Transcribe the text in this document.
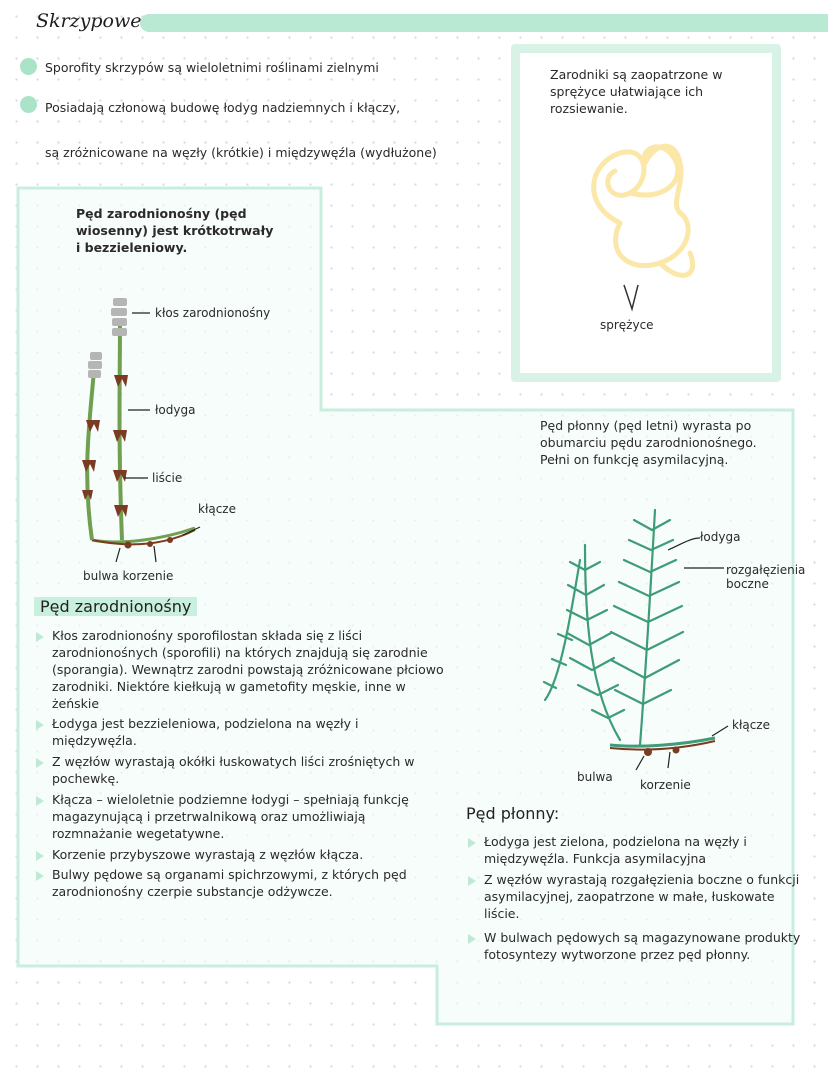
Skrzypowe
Sporofity skrzypów są wieloletnimi roślinami zielnymi
Posiadają członową budowę łodyg nadziemnych i kłączy,
są zróżnicowane na węzły (krótkie) i międzywęźla (wydłużone)
Zarodniki są zaopatrzone w sprężyce ułatwiające ich rozsiewanie.
sprężyce
Pęd zarodnionośny (pęd wiosenny) jest krótkotrwały i bezzieleniowy.
kłos zarodnionośny
łodyga
liście
kłącze
bulwa korzenie
Pęd zarodnionośny
Kłos zarodnionośny sporofilostan składa się z liści zarodnionośnych (sporofili) na których znajdują się zarodnie (sporangia). Wewnątrz zarodni powstają zróżnicowane płciowo zarodniki. Niektóre kiełkują w gametofity męskie, inne w żeńskie
Łodyga jest bezzieleniowa, podzielona na węzły i międzywęźla.
Z węzłów wyrastają okółki łuskowatych liści zrośniętych w pochewkę.
Kłącza – wieloletnie podziemne łodygi – spełniają funkcję magazynującą i przetrwalnikową oraz umożliwiają rozmnażanie wegetatywne.
Korzenie przybyszowe wyrastają z węzłów kłącza.
Bulwy pędowe są organami spichrzowymi, z których pęd zarodnionośny czerpie substancje odżywcze.
Pęd płonny (pęd letni) wyrasta po obumarciu pędu zarodnionośnego. Pełni on funkcję asymilacyjną.
łodyga
rozgałęzienia boczne
kłącze
bulwa
korzenie
Pęd płonny:
Łodyga jest zielona, podzielona na węzły i międzywęźla. Funkcja asymilacyjna
Z węzłów wyrastają rozgałęzienia boczne o funkcji asymilacyjnej, zaopatrzone w małe, łuskowate liście.
W bulwach pędowych są magazynowane produkty fotosyntezy wytworzone przez pęd płonny.
